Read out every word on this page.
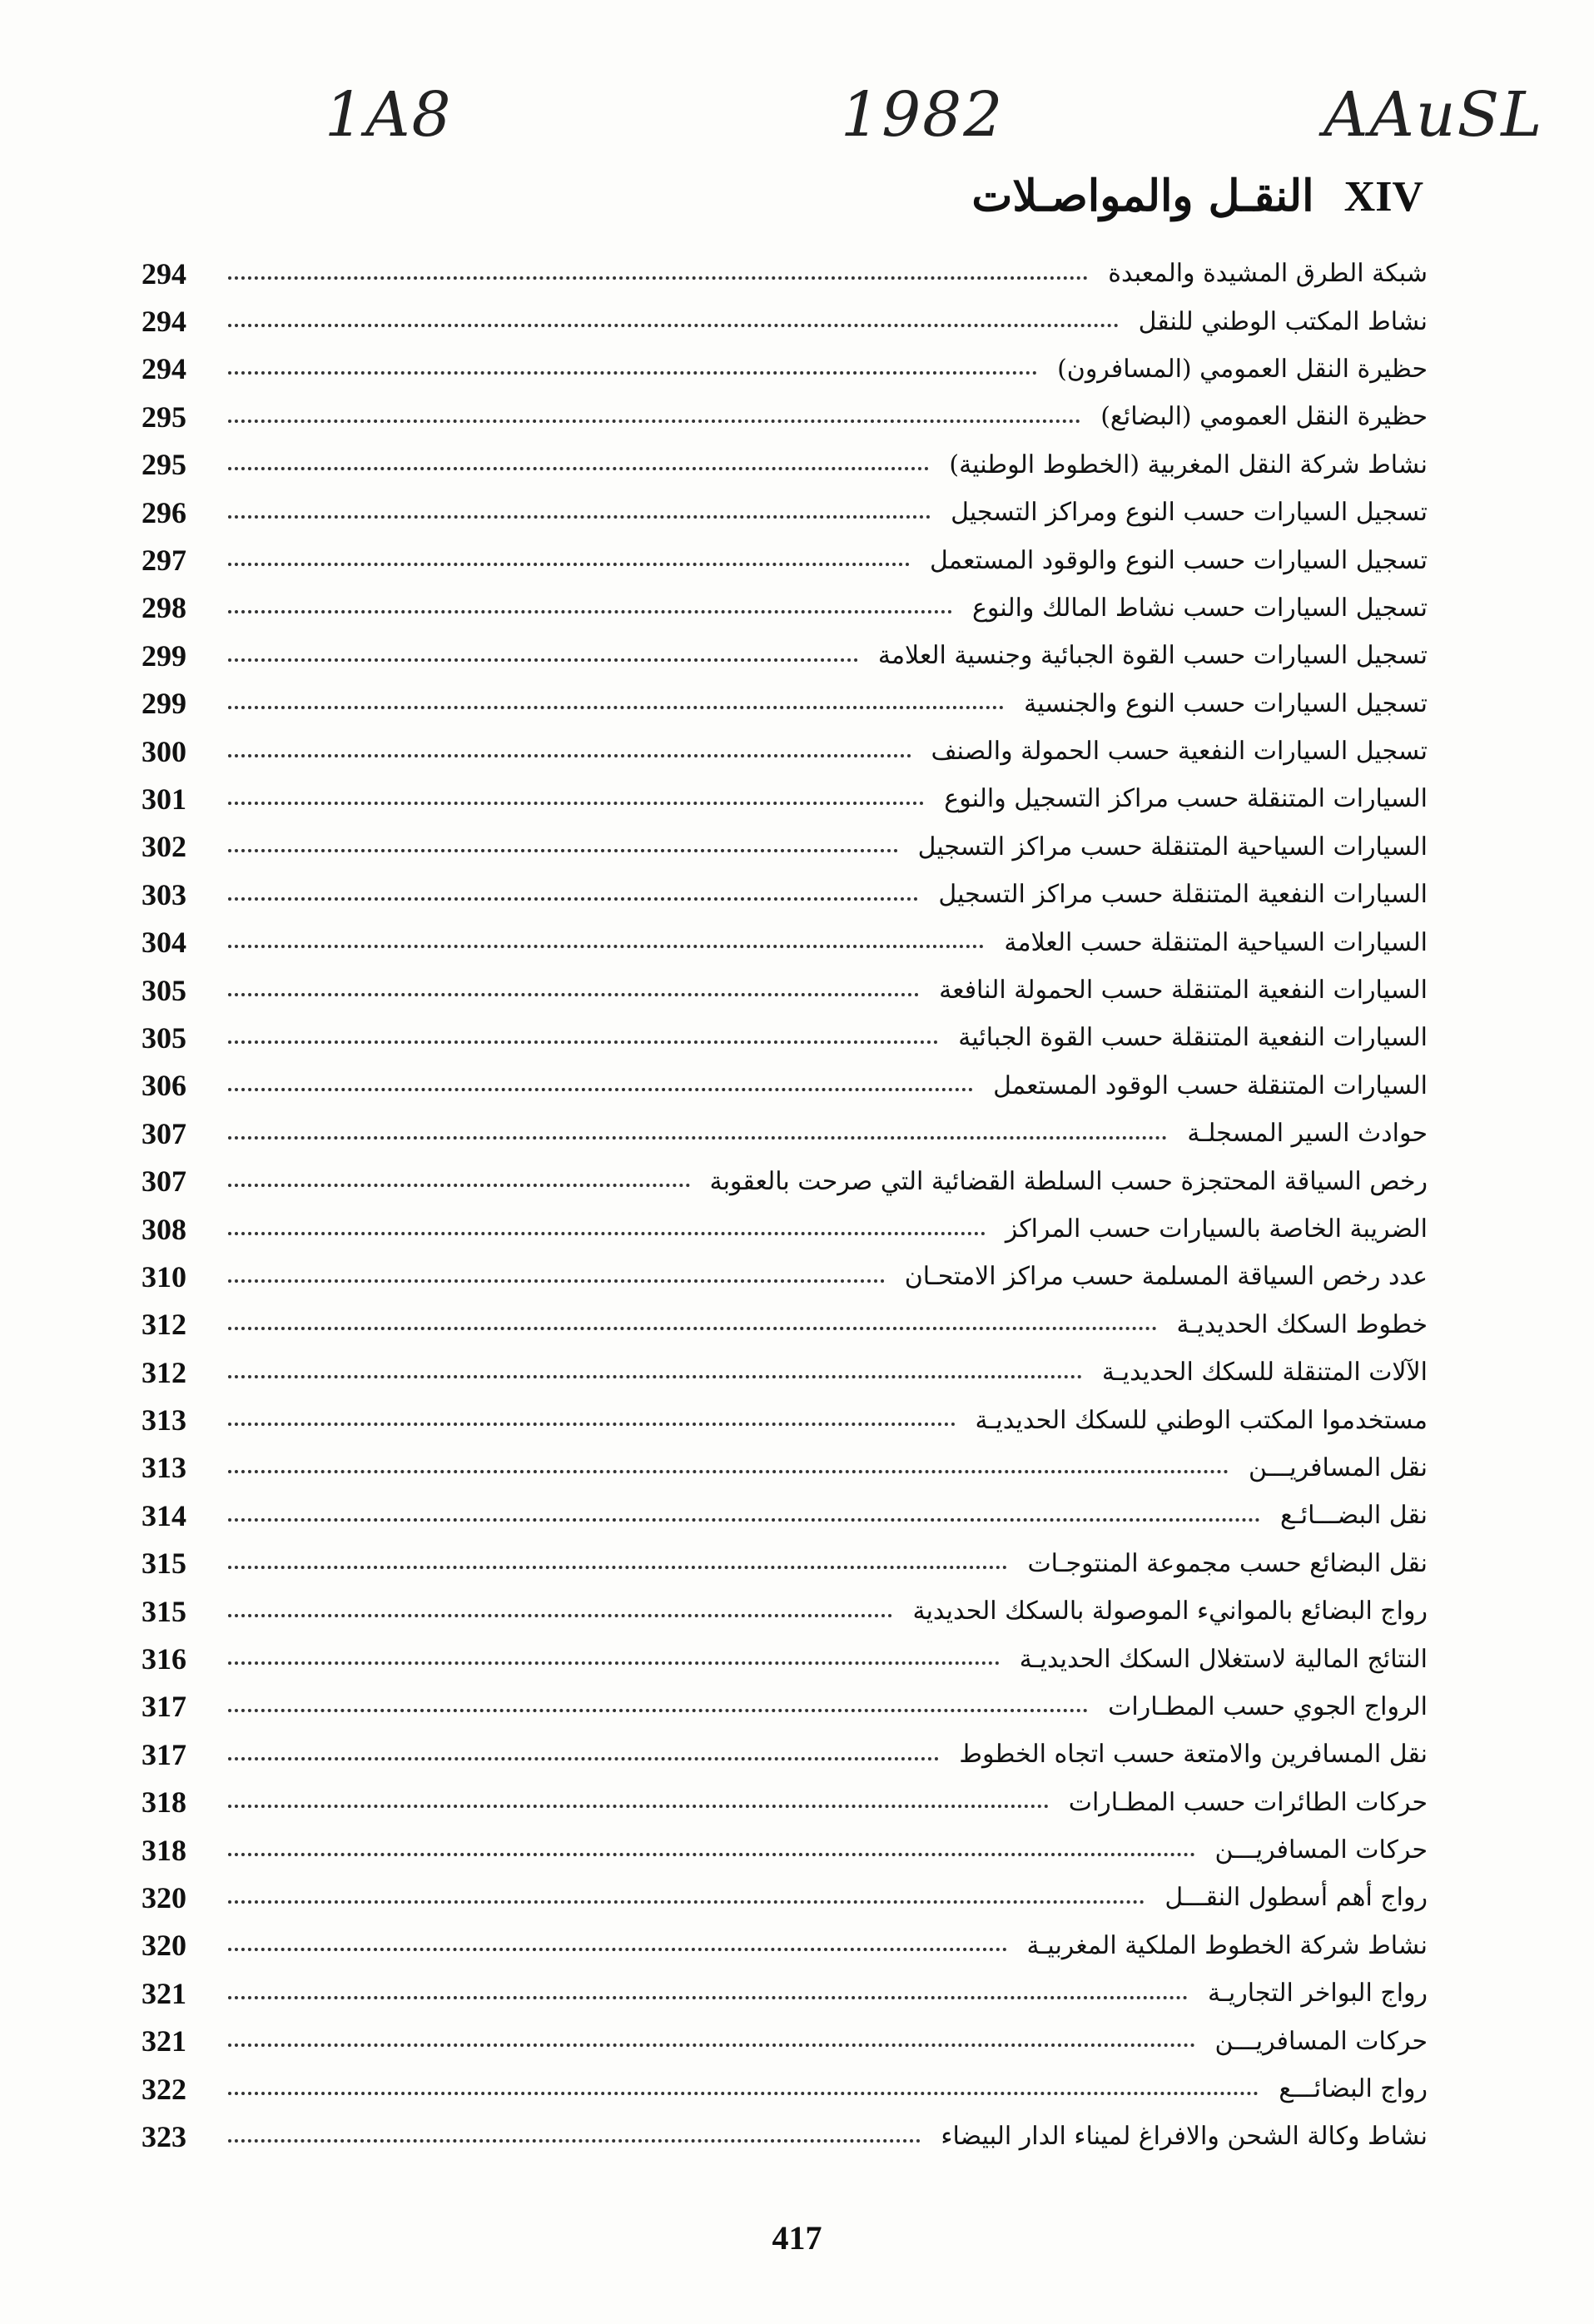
1A8	1982	AAuSL
XIV النقـل والمواصـلات
294	شبكة الطرق المشيدة والمعبدة
294	نشاط المكتب الوطني للنقل
294	حظيرة النقل العمومي (المسافرون)
295	حظيرة النقل العمومي (البضائع)
295	نشاط شركة النقل المغربية (الخطوط الوطنية)
296	تسجيل السيارات حسب النوع ومراكز التسجيل
297	تسجيل السيارات حسب النوع والوقود المستعمل
298	تسجيل السيارات حسب نشاط المالك والنوع
299	تسجيل السيارات حسب القوة الجبائية وجنسية العلامة
299	تسجيل السيارات حسب النوع والجنسية
300	تسجيل السيارات النفعية حسب الحمولة والصنف
301	السيارات المتنقلة حسب مراكز التسجيل والنوع
302	السيارات السياحية المتنقلة حسب مراكز التسجيل
303	السيارات النفعية المتنقلة حسب مراكز التسجيل
304	السيارات السياحية المتنقلة حسب العلامة
305	السيارات النفعية المتنقلة حسب الحمولة النافعة
305	السيارات النفعية المتنقلة حسب القوة الجبائية
306	السيارات المتنقلة حسب الوقود المستعمل
307	حوادث السير المسجلـة
307	رخص السياقة المحتجزة حسب السلطة القضائية التي صرحت بالعقوبة
308	الضريبة الخاصة بالسيارات حسب المراكز
310	عدد رخص السياقة المسلمة حسب مراكز الامتحـان
312	خطوط السكك الحديديـة
312	الآلات المتنقلة للسكك الحديديـة
313	مستخدموا المكتب الوطني للسكك الحديديـة
313	نقل المسافريـــن
314	نقل البضـــائـع
315	نقل البضائع حسب مجموعة المنتوجـات
315	رواج البضائع بالموانيء الموصولة بالسكك الحديدية
316	النتائج المالية لاستغلال السكك الحديديـة
317	الرواج الجوي حسب المطـارات
317	نقل المسافرين والامتعة حسب اتجاه الخطوط
318	حركات الطائرات حسب المطـارات
318	حركات المسافريـــن
320	رواج أهم أسطول النقـــل
320	نشاط شركة الخطوط الملكية المغربيـة
321	رواج البواخر التجاريـة
321	حركات المسافريـــن
322	رواج البضائـــع
323	نشاط وكالة الشحن والافراغ لميناء الدار البيضاء
417
